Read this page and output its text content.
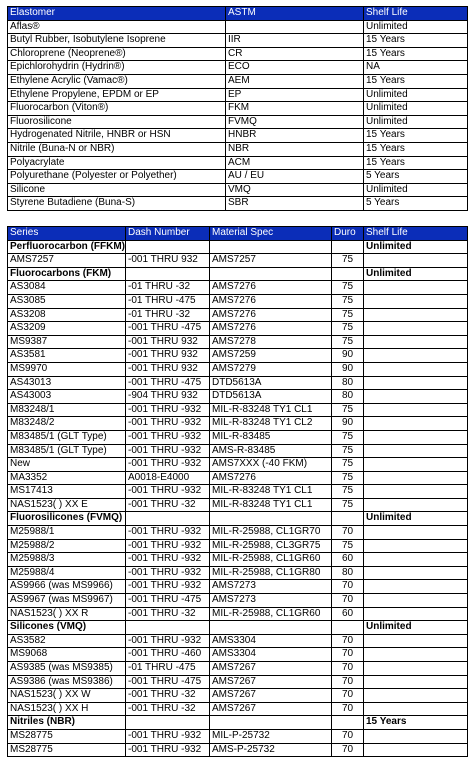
Elastomer	ASTM	Shelf Life
Aflas®		Unlimited
Butyl Rubber, Isobutylene Isoprene	IIR	15 Years
Chloroprene (Neoprene®)	CR	15 Years
Epichlorohydrin (Hydrin®)	ECO	NA
Ethylene Acrylic (Vamac®)	AEM	15 Years
Ethylene Propylene, EPDM or EP	EP	Unlimited
Fluorocarbon (Viton®)	FKM	Unlimited
Fluorosilicone	FVMQ	Unlimited
Hydrogenated Nitrile, HNBR or HSN	HNBR	15 Years
Nitrile (Buna-N or NBR)	NBR	15 Years
Polyacrylate	ACM	15 Years
Polyurethane (Polyester or Polyether)	AU / EU	5 Years
Silicone	VMQ	Unlimited
Styrene Butadiene (Buna-S)	SBR	5 Years
Series	Dash Number	Material Spec	Duro	Shelf Life
Perfluorocarbon (FFKM)				Unlimited
AMS7257	-001 THRU 932	AMS7257	75	
Fluorocarbons (FKM)				Unlimited
AS3084	-01 THRU -32	AMS7276	75	
AS3085	-01 THRU -475	AMS7276	75	
AS3208	-01 THRU -32	AMS7276	75	
AS3209	-001 THRU -475	AMS7276	75	
MS9387	-001 THRU 932	AMS7278	75	
AS3581	-001 THRU 932	AMS7259	90	
MS9970	-001 THRU 932	AMS7279	90	
AS43013	-001 THRU -475	DTD5613A	80	
AS43003	-904 THRU 932	DTD5613A	80	
M83248/1	-001 THRU -932	MIL-R-83248 TY1 CL1	75	
M83248/2	-001 THRU -932	MIL-R-83248 TY1 CL2	90	
M83485/1 (GLT Type)	-001 THRU -932	MIL-R-83485	75	
M83485/1 (GLT Type)	-001 THRU -932	AMS-R-83485	75	
New	-001 THRU -932	AMS7XXX (-40 FKM)	75	
MA3352	A0018-E4000	AMS7276	75	
MS17413	-001 THRU -932	MIL-R-83248 TY1 CL1	75	
NAS1523( ) XX E	-001 THRU -32	MIL-R-83248 TY1 CL1	75	
Fluorosilicones (FVMQ)				Unlimited
M25988/1	-001 THRU -932	MIL-R-25988, CL1GR70	70	
M25988/2	-001 THRU -932	MIL-R-25988, CL3GR75	75	
M25988/3	-001 THRU -932	MIL-R-25988, CL1GR60	60	
M25988/4	-001 THRU -932	MIL-R-25988, CL1GR80	80	
AS9966 (was MS9966)	-001 THRU -932	AMS7273	70	
AS9967 (was MS9967)	-001 THRU -475	AMS7273	70	
NAS1523( ) XX R	-001 THRU -32	MIL-R-25988, CL1GR60	60	
Silicones (VMQ)				Unlimited
AS3582	-001 THRU -932	AMS3304	70	
MS9068	-001 THRU -460	AMS3304	70	
AS9385 (was MS9385)	-01 THRU -475	AMS7267	70	
AS9386 (was MS9386)	-001 THRU -475	AMS7267	70	
NAS1523( ) XX W	-001 THRU -32	AMS7267	70	
NAS1523( ) XX H	-001 THRU -32	AMS7267	70	
Nitriles (NBR)				15 Years
MS28775	-001 THRU -932	MIL-P-25732	70	
MS28775	-001 THRU -932	AMS-P-25732	70	
